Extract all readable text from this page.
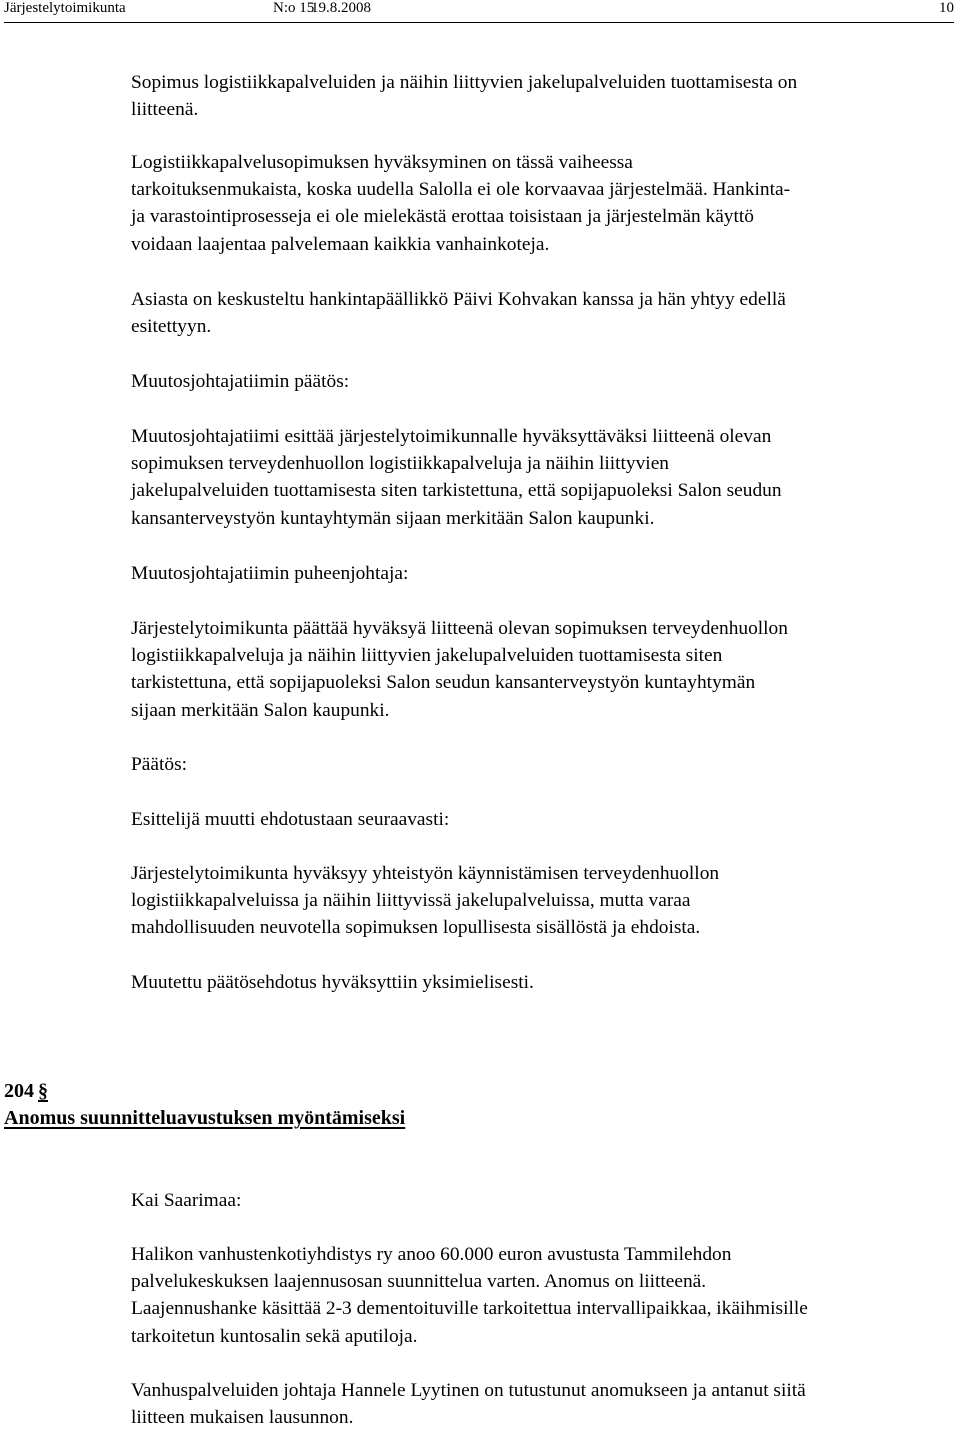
Järjestelytoimikunta	N:o 15
19.8.2008	10
Sopimus logistiikkapalveluiden ja näihin liittyvien jakelupalveluiden tuottamisesta on
liitteenä.
Logistiikkapalvelusopimuksen hyväksyminen on tässä vaiheessa
tarkoituksenmukaista, koska uudella Salolla ei ole korvaavaa järjestelmää. Hankinta-
ja varastointiprosesseja ei ole mielekästä erottaa toisistaan ja järjestelmän käyttö
voidaan laajentaa palvelemaan kaikkia vanhainkoteja.
Asiasta on keskusteltu hankintapäällikkö Päivi Kohvakan kanssa ja hän yhtyy edellä
esitettyyn.
Muutosjohtajatiimin päätös:
Muutosjohtajatiimi esittää järjestelytoimikunnalle hyväksyttäväksi liitteenä olevan
sopimuksen terveydenhuollon logistiikkapalveluja ja näihin liittyvien
jakelupalveluiden tuottamisesta siten tarkistettuna, että sopijapuoleksi Salon seudun
kansanterveystyön kuntayhtymän sijaan merkitään Salon kaupunki.
Muutosjohtajatiimin puheenjohtaja:
Järjestelytoimikunta päättää hyväksyä liitteenä olevan sopimuksen terveydenhuollon
logistiikkapalveluja ja näihin liittyvien jakelupalveluiden tuottamisesta siten
tarkistettuna, että sopijapuoleksi Salon seudun kansanterveystyön kuntayhtymän
sijaan merkitään Salon kaupunki.
Päätös:
Esittelijä muutti ehdotustaan seuraavasti:
Järjestelytoimikunta hyväksyy yhteistyön käynnistämisen terveydenhuollon
logistiikkapalveluissa ja näihin liittyvissä jakelupalveluissa, mutta varaa
mahdollisuuden neuvotella sopimuksen lopullisesta sisällöstä ja ehdoista.
Muutettu päätösehdotus hyväksyttiin yksimielisesti.
204 §
Anomus suunnitteluavustuksen myöntämiseksi
Kai Saarimaa:
Halikon vanhustenkotiyhdistys ry anoo 60.000 euron avustusta Tammilehdon
palvelukeskuksen laajennusosan suunnittelua varten. Anomus on liitteenä.
Laajennushanke käsittää 2-3 dementoituville tarkoitettua intervallipaikkaa, ikäihmisille
tarkoitetun kuntosalin sekä aputiloja.
Vanhuspalveluiden johtaja Hannele Lyytinen on tutustunut anomukseen ja antanut siitä
liitteen mukaisen lausunnon.
